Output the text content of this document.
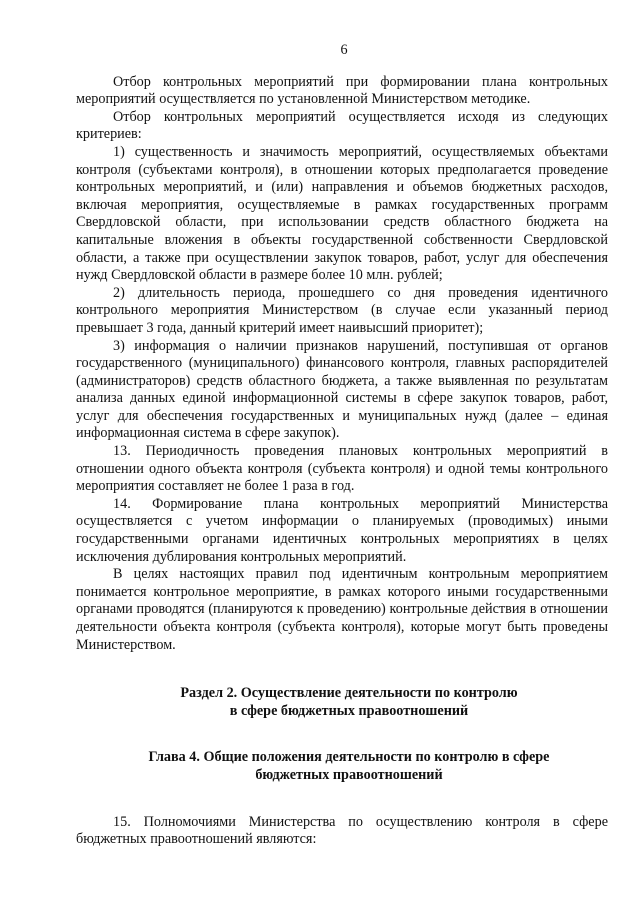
6

Отбор контрольных мероприятий при формировании плана контрольных мероприятий осуществляется по установленной Министерством методике.

Отбор контрольных мероприятий осуществляется исходя из следующих критериев:

1) существенность и значимость мероприятий, осуществляемых объектами контроля (субъектами контроля), в отношении которых предполагается проведение контрольных мероприятий, и (или) направления и объемов бюджетных расходов, включая мероприятия, осуществляемые в рамках государственных программ Свердловской области, при использовании средств областного бюджета на капитальные вложения в объекты государственной собственности Свердловской области, а также при осуществлении закупок товаров, работ, услуг для обеспечения нужд Свердловской области в размере более 10 млн. рублей;

2) длительность периода, прошедшего со дня проведения идентичного контрольного мероприятия Министерством (в случае если указанный период превышает 3 года, данный критерий имеет наивысший приоритет);

3) информация о наличии признаков нарушений, поступившая от органов государственного (муниципального) финансового контроля, главных распорядителей (администраторов) средств областного бюджета, а также выявленная по результатам анализа данных единой информационной системы в сфере закупок товаров, работ, услуг для обеспечения государственных и муниципальных нужд (далее – единая информационная система в сфере закупок).

13. Периодичность проведения плановых контрольных мероприятий в отношении одного объекта контроля (субъекта контроля) и одной темы контрольного мероприятия составляет не более 1 раза в год.

14. Формирование плана контрольных мероприятий Министерства осуществляется с учетом информации о планируемых (проводимых) иными государственными органами идентичных контрольных мероприятиях в целях исключения дублирования контрольных мероприятий.

В целях настоящих правил под идентичным контрольным мероприятием понимается контрольное мероприятие, в рамках которого иными государственными органами проводятся (планируются к проведению) контрольные действия в отношении деятельности объекта контроля (субъекта контроля), которые могут быть проведены Министерством.

Раздел 2. Осуществление деятельности по контролю
в сфере бюджетных правоотношений
Глава 4. Общие положения деятельности по контролю в сфере
бюджетных правоотношений

15. Полномочиями Министерства по осуществлению контроля в сфере бюджетных правоотношений являются:
